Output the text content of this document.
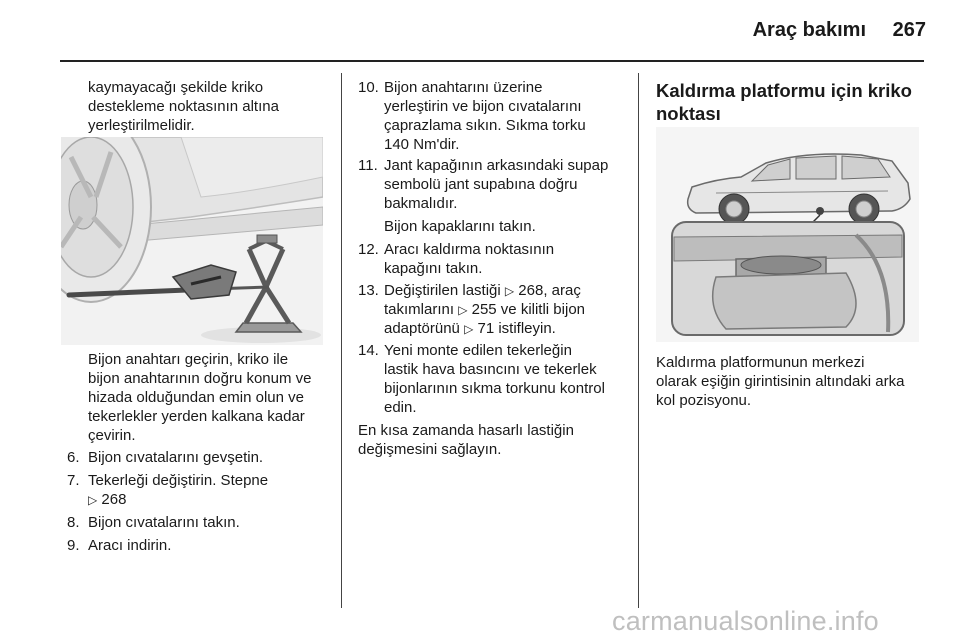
Araç bakımı	267
kaymayacağı şekilde kriko
destekleme noktasının altına
yerleştirilmelidir.
Bijon anahtarı geçirin, kriko ile
bijon anahtarının doğru konum ve
hizada olduğundan emin olun ve
tekerlekler yerden kalkana kadar
çevirin.
6. Bijon cıvatalarını gevşetin.
7. Tekerleği değiştirin. Stepne
▷ 268
8. Bijon cıvatalarını takın.
9. Aracı indirin.
10. Bijon anahtarını üzerine
yerleştirin ve bijon cıvatalarını
çaprazlama sıkın. Sıkma torku
140 Nm'dir.
11. Jant kapağının arkasındaki supap
sembolü jant supabına doğru
bakmalıdır.
Bijon kapaklarını takın.
12. Aracı kaldırma noktasının
kapağını takın.
13. Değiştirilen lastiği ▷ 268, araç
takımlarını ▷ 255 ve kilitli bijon
adaptörünü ▷ 71 istifleyin.
14. Yeni monte edilen tekerleğin
lastik hava basıncını ve tekerlek
bijonlarının sıkma torkunu kontrol
edin.
En kısa zamanda hasarlı lastiğin
değişmesini sağlayın.
Kaldırma platformu için kriko
noktası
Kaldırma platformunun merkezi
olarak eşiğin girintisinin altındaki arka
kol pozisyonu.
carmanualsonline.info
